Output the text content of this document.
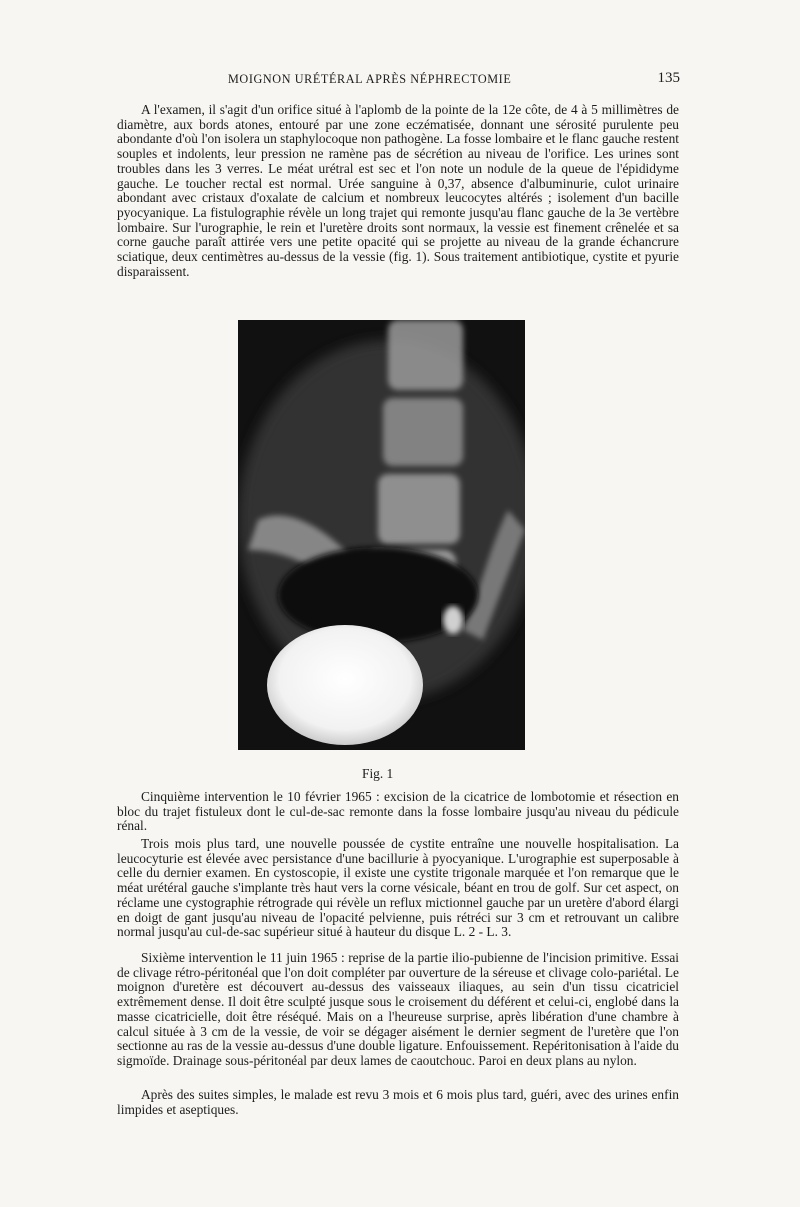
MOIGNON URÉTÉRAL APRÈS NÉPHRECTOMIE	135

A l'examen, il s'agit d'un orifice situé à l'aplomb de la pointe de la 12e côte, de 4 à 5 millimètres de diamètre, aux bords atones, entouré par une zone eczématisée, donnant une sérosité purulente peu abondante d'où l'on isolera un staphylocoque non pathogène. La fosse lombaire et le flanc gauche restent souples et indolents, leur pression ne ramène pas de sécrétion au niveau de l'orifice. Les urines sont troubles dans les 3 verres. Le méat urétral est sec et l'on note un nodule de la queue de l'épididyme gauche. Le toucher rectal est normal. Urée sanguine à 0,37, absence d'albuminurie, culot urinaire abondant avec cristaux d'oxalate de calcium et nombreux leucocytes altérés ; isolement d'un bacille pyocyanique. La fistulographie révèle un long trajet qui remonte jusqu'au flanc gauche de la 3e vertèbre lombaire. Sur l'urographie, le rein et l'uretère droits sont normaux, la vessie est finement crênelée et sa corne gauche paraît attirée vers une petite opacité qui se projette au niveau de la grande échancrure sciatique, deux centimètres au-dessus de la vessie (fig. 1). Sous traitement antibiotique, cystite et pyurie disparaissent.

Fig. 1

Cinquième intervention le 10 février 1965 : excision de la cicatrice de lombotomie et résection en bloc du trajet fistuleux dont le cul-de-sac remonte dans la fosse lombaire jusqu'au niveau du pédicule rénal.

Trois mois plus tard, une nouvelle poussée de cystite entraîne une nouvelle hospitalisation. La leucocyturie est élevée avec persistance d'une bacillurie à pyocyanique. L'urographie est superposable à celle du dernier examen. En cystoscopie, il existe une cystite trigonale marquée et l'on remarque que le méat urétéral gauche s'implante très haut vers la corne vésicale, béant en trou de golf. Sur cet aspect, on réclame une cystographie rétrograde qui révèle un reflux mictionnel gauche par un uretère d'abord élargi en doigt de gant jusqu'au niveau de l'opacité pelvienne, puis rétréci sur 3 cm et retrouvant un calibre normal jusqu'au cul-de-sac supérieur situé à hauteur du disque L. 2 - L. 3.

Sixième intervention le 11 juin 1965 : reprise de la partie ilio-pubienne de l'incision primitive. Essai de clivage rétro-péritonéal que l'on doit compléter par ouverture de la séreuse et clivage colo-pariétal. Le moignon d'uretère est découvert au-dessus des vaisseaux iliaques, au sein d'un tissu cicatriciel extrêmement dense. Il doit être sculpté jusque sous le croisement du déférent et celui-ci, englobé dans la masse cicatricielle, doit être réséqué. Mais on a l'heureuse surprise, après libération d'une chambre à calcul située à 3 cm de la vessie, de voir se dégager aisément le dernier segment de l'uretère que l'on sectionne au ras de la vessie au-dessus d'une double ligature. Enfouissement. Repéritonisation à l'aide du sigmoïde. Drainage sous-péritonéal par deux lames de caoutchouc. Paroi en deux plans au nylon.

Après des suites simples, le malade est revu 3 mois et 6 mois plus tard, guéri, avec des urines enfin limpides et aseptiques.
